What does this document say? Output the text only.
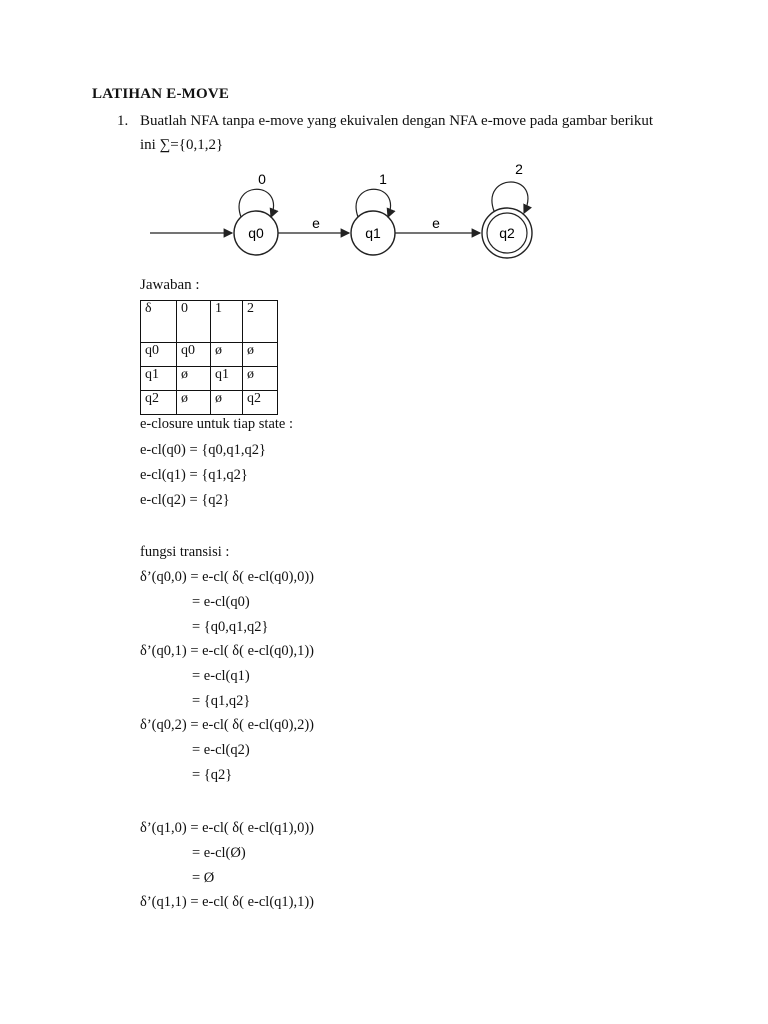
LATIHAN E-MOVE
1. Buatlah NFA tanpa e-move yang ekuivalen dengan NFA e-move pada gambar berikut
ini ∑={0,1,2}
q0
0
e
q1
1
e
q2
2
Jawaban :
δ	0	1	2
q0	q0	ø	ø
q1	ø	q1	ø
q2	ø	ø	q2
e-closure untuk tiap state :
e-cl(q0) = {q0,q1,q2}
e-cl(q1) = {q1,q2}
e-cl(q2) = {q2}
fungsi transisi :
δ’(q0,0) = e-cl( δ( e-cl(q0),0))
= e-cl(q0)
= {q0,q1,q2}
δ’(q0,1) = e-cl( δ( e-cl(q0),1))
= e-cl(q1)
= {q1,q2}
δ’(q0,2) = e-cl( δ( e-cl(q0),2))
= e-cl(q2)
= {q2}
δ’(q1,0) = e-cl( δ( e-cl(q1),0))
= e-cl(Ø)
= Ø
δ’(q1,1) = e-cl( δ( e-cl(q1),1))
